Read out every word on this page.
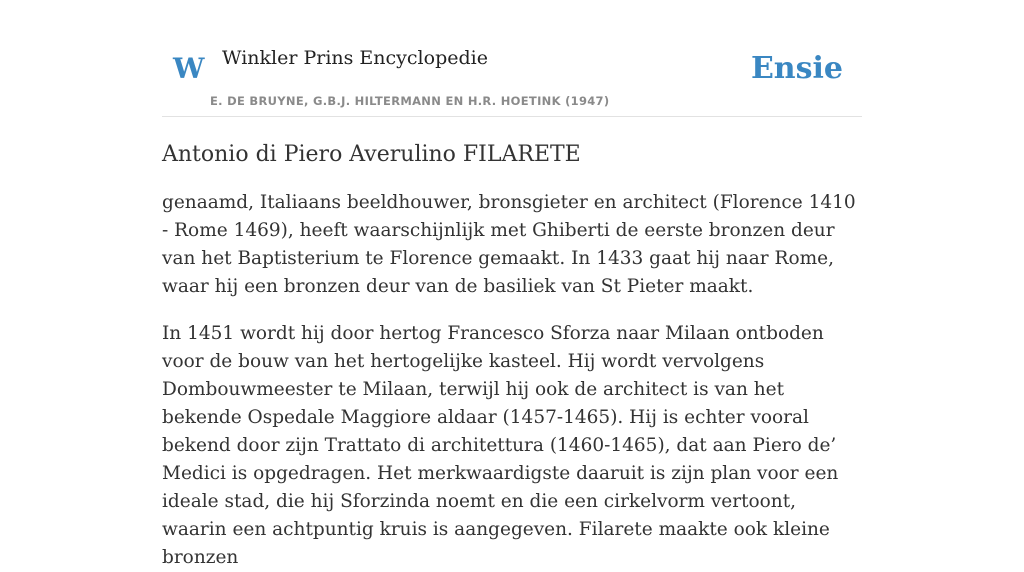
W Winkler Prins Encyclopedie
E. DE BRUYNE, G.B.J. HILTERMANN EN H.R. HOETINK (1947)
Ensie
Antonio di Piero Averulino FILARETE

genaamd, Italiaans beeldhouwer, bronsgieter en architect (Florence 1410 - Rome 1469), heeft waarschijnlijk met Ghiberti de eerste bronzen deur van het Baptisterium te Florence gemaakt. In 1433 gaat hij naar Rome, waar hij een bronzen deur van de basiliek van St Pieter maakt.

In 1451 wordt hij door hertog Francesco Sforza naar Milaan ontboden voor de bouw van het hertogelijke kasteel. Hij wordt vervolgens Dombouwmeester te Milaan, terwijl hij ook de architect is van het bekende Ospedale Maggiore aldaar (1457-1465). Hij is echter vooral bekend door zijn Trattato di architettura (1460-1465), dat aan Piero de’ Medici is opgedragen. Het merkwaardigste daaruit is zijn plan voor een ideale stad, die hij Sforzinda noemt en die een cirkelvorm vertoont, waarin een achtpuntig kruis is aangegeven. Filarete maakte ook kleine bronzen
